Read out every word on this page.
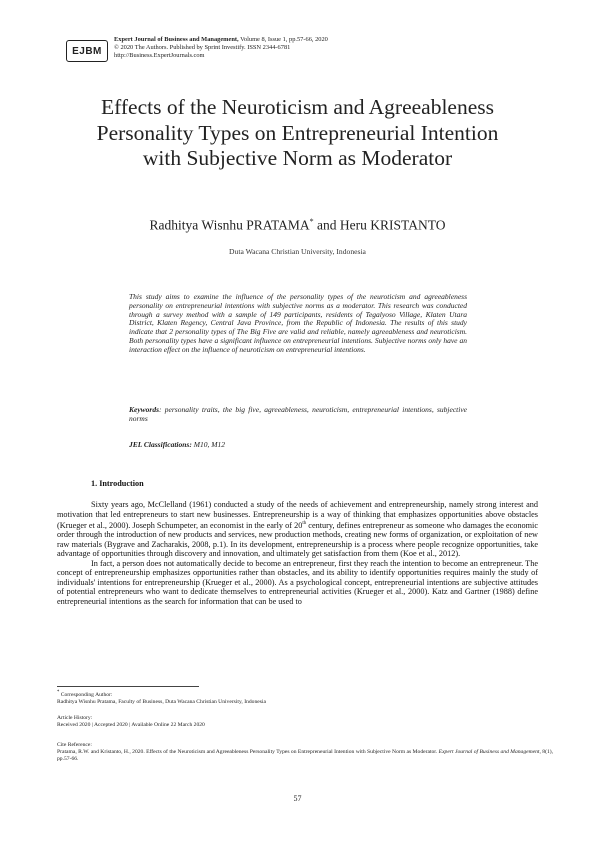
EJBM
Expert Journal of Business and Management, Volume 8, Issue 1, pp.57-66, 2020
© 2020 The Authors. Published by Sprint Investify. ISSN 2344-6781
http://Business.ExpertJournals.com
Effects of the Neuroticism and Agreeableness
Personality Types on Entrepreneurial Intention
with Subjective Norm as Moderator
Radhitya Wisnhu PRATAMA* and Heru KRISTANTO
Duta Wacana Christian University, Indonesia
This study aims to examine the influence of the personality types of the neuroticism and agreeableness personality on entrepreneurial intentions with subjective norms as a moderator. This research was conducted through a survey method with a sample of 149 participants, residents of Tegalyoso Village, Klaten Utara District, Klaten Regency, Central Java Province, from the Republic of Indonesia. The results of this study indicate that 2 personality types of The Big Five are valid and reliable, namely agreeableness and neuroticism. Both personality types have a significant influence on entrepreneurial intentions. Subjective norms only have an interaction effect on the influence of neuroticism on entrepreneurial intentions.
Keywords: personality traits, the big five, agreeableness, neuroticism, entrepreneurial intentions, subjective norms
JEL Classifications: M10, M12
1. Introduction

Sixty years ago, McClelland (1961) conducted a study of the needs of achievement and entrepreneurship, namely strong interest and motivation that led entrepreneurs to start new businesses. Entrepreneurship is a way of thinking that emphasizes opportunities above obstacles (Krueger et al., 2000). Joseph Schumpeter, an economist in the early of 20th century, defines entrepreneur as someone who damages the economic order through the introduction of new products and services, new production methods, creating new forms of organization, or exploitation of new raw materials (Bygrave and Zacharakis, 2008, p.1). In its development, entrepreneurship is a process where people recognize opportunities, take advantage of opportunities through discovery and innovation, and ultimately get satisfaction from them (Koe et al., 2012).

In fact, a person does not automatically decide to become an entrepreneur, first they reach the intention to become an entrepreneur. The concept of entrepreneurship emphasizes opportunities rather than obstacles, and its ability to identify opportunities requires mainly the study of individuals' intentions for entrepreneurship (Krueger et al., 2000). As a psychological concept, entrepreneurial intentions are subjective attitudes of potential entrepreneurs who want to dedicate themselves to entrepreneurial activities (Krueger et al., 2000). Katz and Gartner (1988) define entrepreneurial intentions as the search for information that can be used to

* Corresponding Author:
Radhitya Wisnhu Pratama, Faculty of Business, Duta Wacana Christian University, Indonesia
Article History:
Received 2020 | Accepted 2020 | Available Online 22 March 2020
Cite Reference:
Pratama, R.W. and Kristanto, H., 2020. Effects of the Neuroticism and Agreeableness Personality Types on Entrepreneurial Intention with Subjective Norm as Moderator. Expert Journal of Business and Management, 8(1), pp.57-66.
57
